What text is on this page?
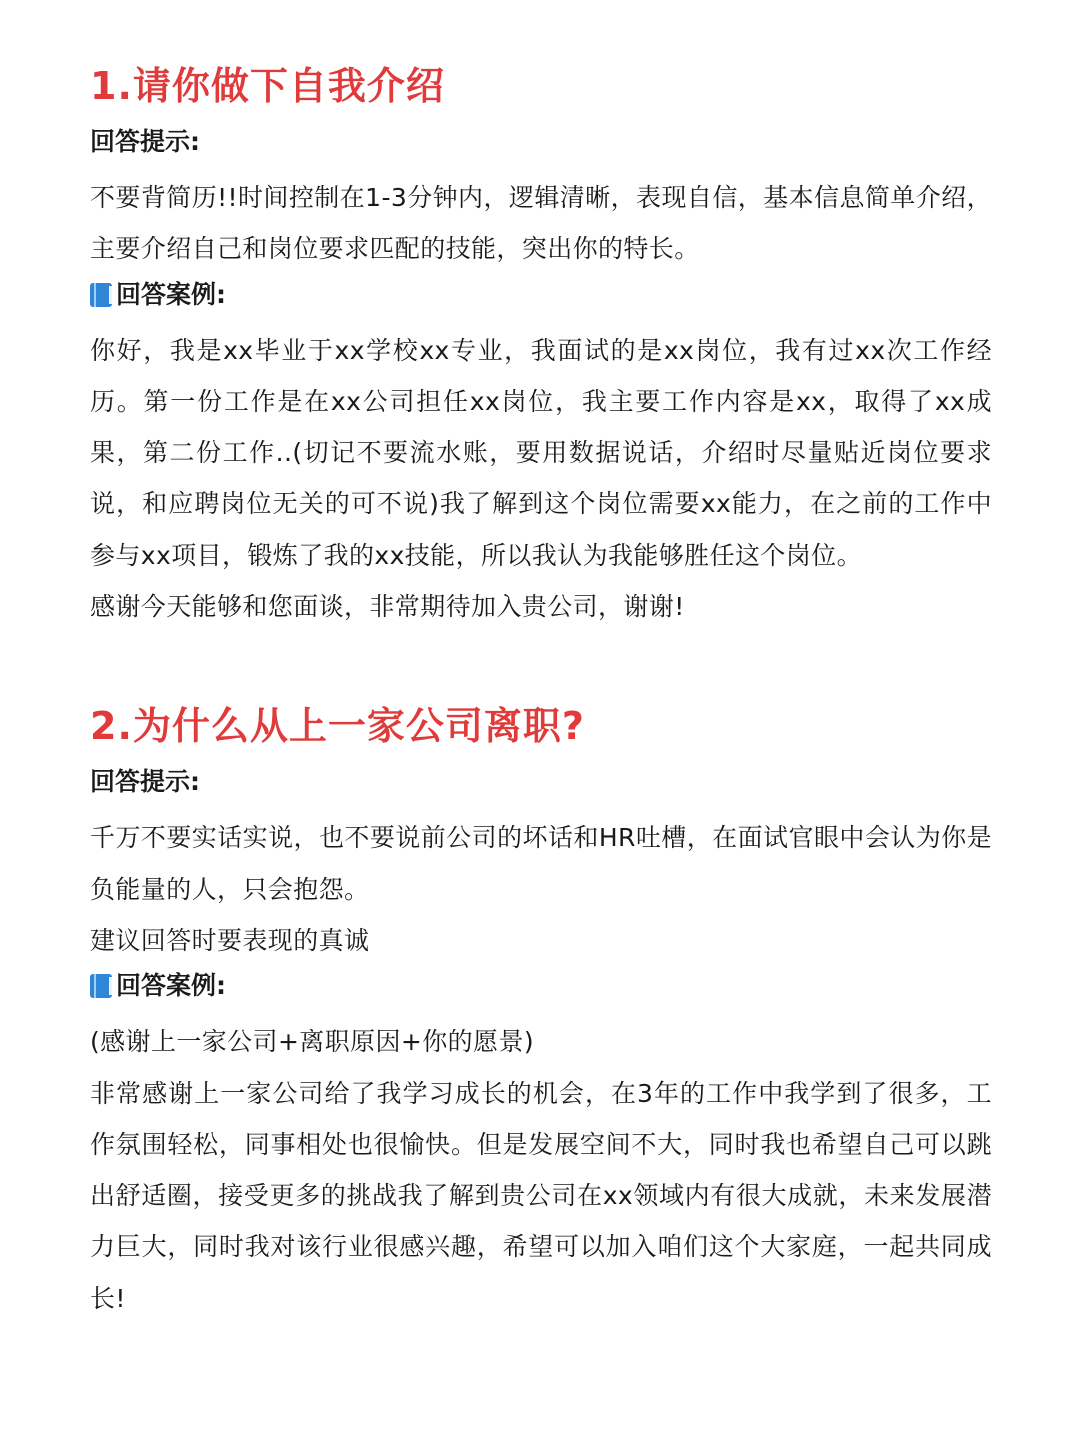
1.请你做下自我介绍
回答提示:

不要背简历!!时间控制在1-3分钟内，逻辑清晰，表现自信，基本信息简单介绍，主要介绍自己和岗位要求匹配的技能，突出你的特长。

回答案例:

你好，我是xx毕业于xx学校xx专业，我面试的是xx岗位，我有过xx次工作经历。第一份工作是在xx公司担任xx岗位，我主要工作内容是xx，取得了xx成果，第二份工作..(切记不要流水账，要用数据说话，介绍时尽量贴近岗位要求说，和应聘岗位无关的可不说)我了解到这个岗位需要xx能力，在之前的工作中参与xx项目，锻炼了我的xx技能，所以我认为我能够胜任这个岗位。

感谢今天能够和您面谈，非常期待加入贵公司，谢谢!

2.为什么从上一家公司离职?
回答提示:

千万不要实话实说，也不要说前公司的坏话和HR吐槽，在面试官眼中会认为你是负能量的人，只会抱怨。

建议回答时要表现的真诚

回答案例:

(感谢上一家公司+离职原因+你的愿景)

非常感谢上一家公司给了我学习成长的机会，在3年的工作中我学到了很多，工作氛围轻松，同事相处也很愉快。但是发展空间不大，同时我也希望自己可以跳出舒适圈，接受更多的挑战我了解到贵公司在xx领域内有很大成就，未来发展潜力巨大，同时我对该行业很感兴趣，希望可以加入咱们这个大家庭，一起共同成长!
